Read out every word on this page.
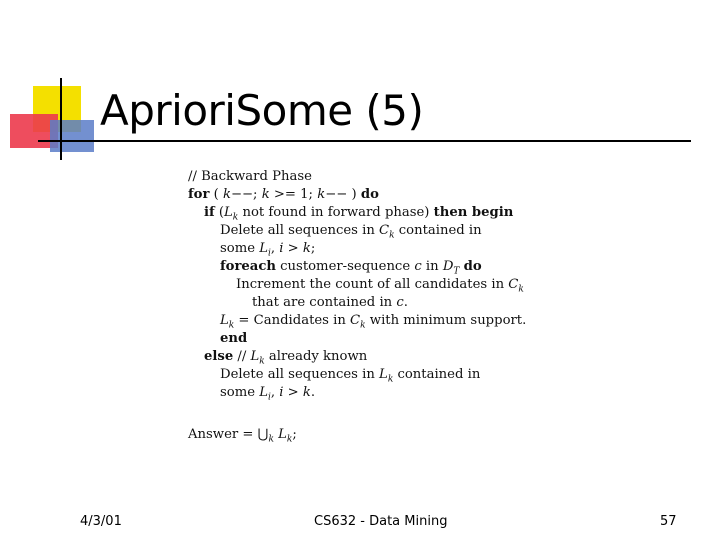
AprioriSome (5)
// Backward Phase
for ( k−−; k >= 1; k−− ) do
if ($L_k$ not found in forward phase) then begin
Delete all sequences in $C_k$ contained in
some $L_i$, i > k;
foreach customer-sequence c in $D_T$ do
Increment the count of all candidates in $C_k$
that are contained in c.
$L_k$ = Candidates in $C_k$ with minimum support.
end
else // $L_k$ already known
Delete all sequences in $L_k$ contained in
some $L_i$, i > k.
Answer = $⋃_k$ $L_k$;
4/3/01	CS632 - Data Mining	57
